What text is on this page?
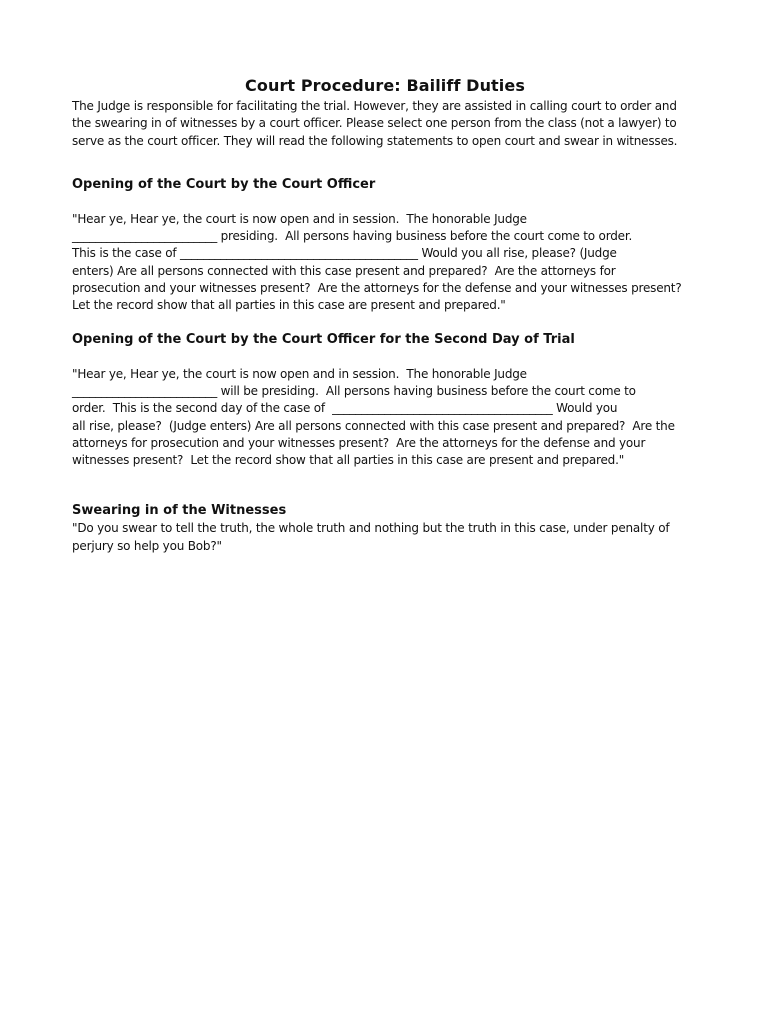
Court Procedure: Bailiff Duties

The Judge is responsible for facilitating the trial. However, they are assisted in calling court to order and the swearing in of witnesses by a court officer. Please select one person from the class (not a lawyer) to serve as the court officer. They will read the following statements to open court and swear in witnesses.

Opening of the Court by the Court Officer

"Hear ye, Hear ye, the court is now open and in session.  The honorable Judge

_________________________ presiding.  All persons having business before the court come to order.

This is the case of _________________________________________ Would you all rise, please? (Judge

enters) Are all persons connected with this case present and prepared?  Are the attorneys for

prosecution and your witnesses present?  Are the attorneys for the defense and your witnesses present?

Let the record show that all parties in this case are present and prepared."

Opening of the Court by the Court Officer for the Second Day of Trial

"Hear ye, Hear ye, the court is now open and in session.  The honorable Judge

_________________________ will be presiding.  All persons having business before the court come to

order.  This is the second day of the case of  ______________________________________ Would you

all rise, please?  (Judge enters) Are all persons connected with this case present and prepared?  Are the

attorneys for prosecution and your witnesses present?  Are the attorneys for the defense and your

witnesses present?  Let the record show that all parties in this case are present and prepared."

Swearing in of the Witnesses

"Do you swear to tell the truth, the whole truth and nothing but the truth in this case, under penalty of

perjury so help you Bob?"
